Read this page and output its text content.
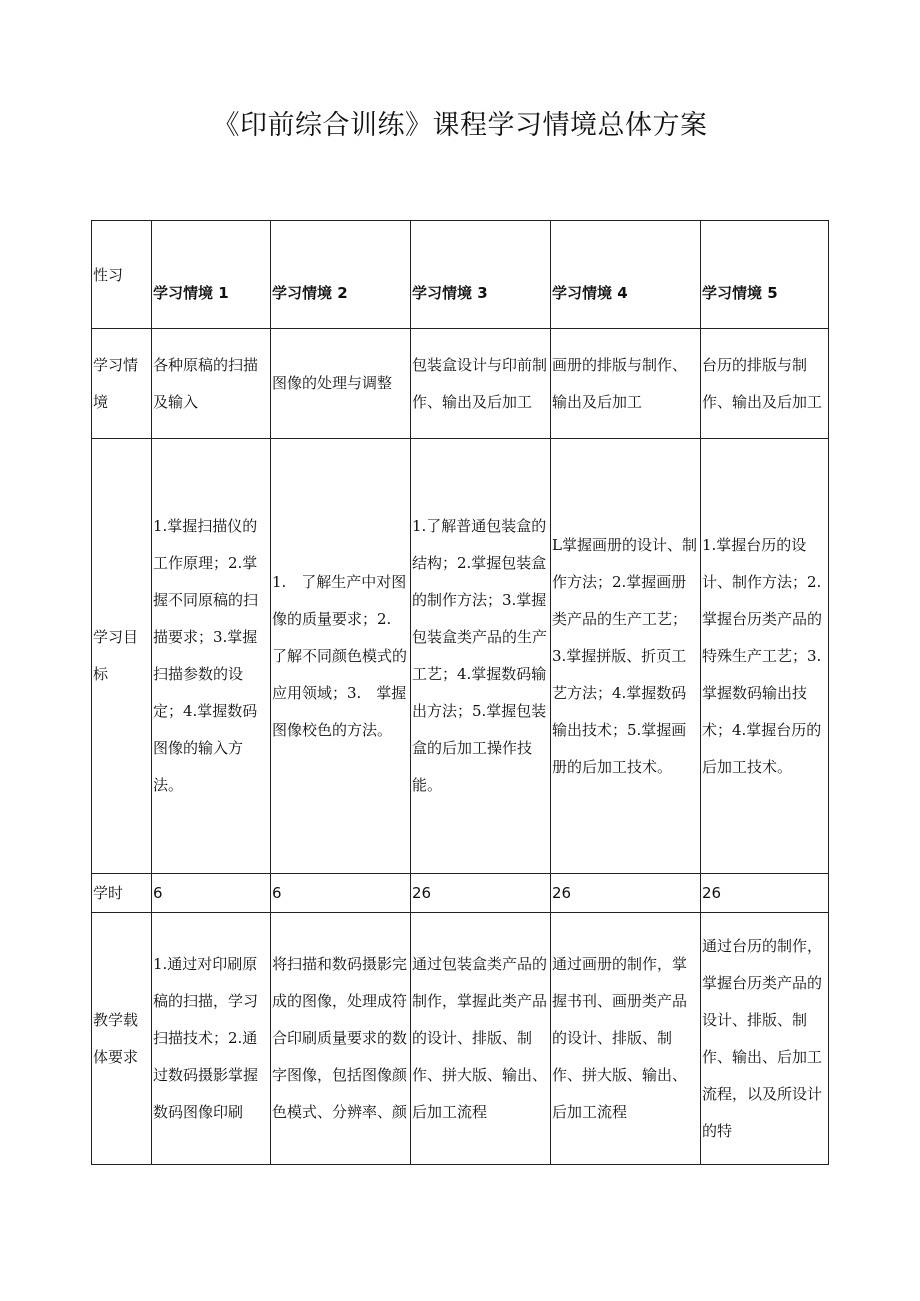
《印前综合训练》课程学习情境总体方案
性习	学习情境 1	学习情境 2	学习情境 3	学习情境 4	学习情境 5

学习情境	各种原稿的扫描及输入	图像的处理与调整	包装盒设计与印前制作、输出及后加工	画册的排版与制作、输出及后加工	台历的排版与制作、输出及后加工

学习目标	1.掌握扫描仪的工作原理；2.掌握不同原稿的扫描要求；3.掌握扫描参数的设定；4.掌握数码图像的输入方法。	1.　了解生产中对图像的质量要求；2.　了解不同颜色模式的应用领域；3.　掌握图像校色的方法。	1.了解普通包装盒的结构；2.掌握包装盒的制作方法；3.掌握包装盒类产品的生产工艺；4.掌握数码输出方法；5.掌握包装盒的后加工操作技能。	L掌握画册的设计、制作方法；2.掌握画册类产品的生产工艺；3.掌握拼版、折页工艺方法；4.掌握数码输出技术；5.掌握画册的后加工技术。	1.掌握台历的设计、制作方法；2.掌握台历类产品的特殊生产工艺；3.掌握数码输出技术；4.掌握台历的后加工技术。

学时	6	6	26	26	26

教学载体要求	1.通过对印刷原稿的扫描，学习扫描技术；2.通过数码摄影掌握数码图像印刷	将扫描和数码摄影完成的图像，处理成符合印刷质量要求的数字图像，包括图像颜色模式、分辨率、颜	通过包装盒类产品的制作，掌握此类产品的设计、排版、制作、拼大版、输出、后加工流程	通过画册的制作，掌握书刊、画册类产品的设计、排版、制作、拼大版、输出、后加工流程	通过台历的制作，掌握台历类产品的设计、排版、制作、输出、后加工流程，以及所设计的特
